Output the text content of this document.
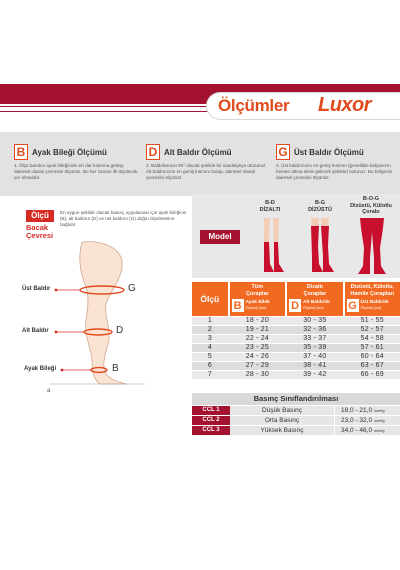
Ölçümler Luxor
B Ayak Bileği Ölçümü
1. Ölçü bandını ayak bileğinizin en dar kısmına getirip, dairesel olarak çevresini ölçünüz. Bu her zaman ilk ölçülecek yer olmalıdır.
D Alt Baldır Ölçümü
2. Baldırlarınızı 90° olacak şekilde bir sandalyeye oturunuz. Alt baldırınızın en geniş kısmını bulup, dairesel olarak çevresini ölçünüz.
G Üst Baldır Ölçümü
3. Üst baldırınızın en geniş kısmını (genellikle kalçanızın hemen altına denk gelecek şekilde) bulunuz. Bu bölgenin dairesel çevresini ölçünüz.
Ölçü
Bacak
Çevresi
En uygun şekilde olacak basınç uygulaması için ayak bileğinin (B), alt baldırın (D) ve üst baldırın (G) doğru ölçülmesine bağlıdır.
Üst Baldır	G
Alt Baldır	D
Ayak Bileği	B
a
Model
B-D
DİZALTI
B-G
DİZÜSTÜ
B-O-G
Dizüstü, Külotlu
Çorabı
Ölçü
Tüm
Çoraplar
B Ayak Bilek
Ölçümü (cm)
Dizaltı
Çoraplar
D Alt Baldırlık
Ölçümü (cm)
Dizüstü, Külotlu,
Hamile Çorapları
G Üst Baldırlık
Ölçümü (cm)
1	18 - 20	30 - 35	51 - 55
2	19 - 21	32 - 36	52 - 57
3	22 - 24	33 - 37	54 - 58
4	23 - 25	35 - 39	57 - 61
5	24 - 26	37 - 40	60 - 64
6	27 - 29	38 - 41	63 - 67
7	28 - 30	39 - 42	66 - 69
Basınç Sınıflandırılması
CCL 1	Düşük Basınç	18,0 - 21,0 mmHg
CCL 2	Orta Basınç	23,0 - 32,0 mmHg
CCL 3	Yüksek Basınç	34,0 - 46,0 mmHg
